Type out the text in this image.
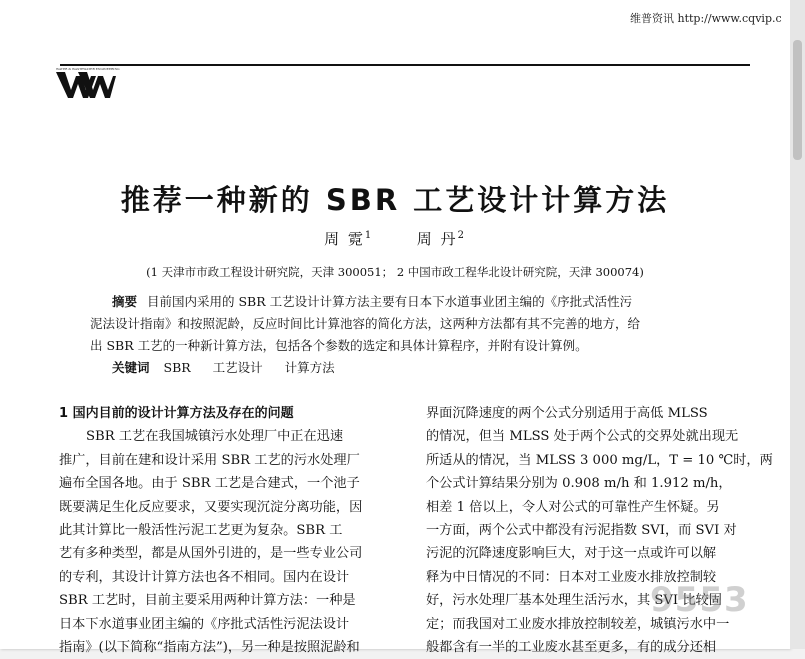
维普资讯 http://www.cqvip.c
WATER & WASTEWATER ENGINEERING
推荐一种新的 SBR 工艺设计计算方法
周 霓$^1$	周 丹$^2$
(1 天津市市政工程设计研究院，天津 300051； 2 中国市政工程华北设计研究院，天津 300074)
摘要 目前国内采用的 SBR 工艺设计计算方法主要有日本下水道事业团主编的《序批式活性污
泥法设计指南》和按照泥龄，反应时间比计算池容的简化方法，这两种方法都有其不完善的地方，给
出 SBR 工艺的一种新计算方法，包括各个参数的选定和具体计算程序，并附有设计算例。
关键词 SBR 工艺设计 计算方法
1 国内目前的设计计算方法及存在的问题
SBR 工艺在我国城镇污水处理厂中正在迅速
推广，目前在建和设计采用 SBR 工艺的污水处理厂
遍布全国各地。由于 SBR 工艺是合建式，一个池子
既要满足生化反应要求，又要实现沉淀分离功能，因
此其计算比一般活性污泥工艺更为复杂。SBR 工
艺有多种类型，都是从国外引进的，是一些专业公司
的专利，其设计计算方法也各不相同。国内在设计
SBR 工艺时，目前主要采用两种计算方法：一种是
日本下水道事业团主编的《序批式活性污泥法设计
指南》(以下简称“指南方法”)，另一种是按照泥龄和
界面沉降速度的两个公式分别适用于高低 MLSS
的情况，但当 MLSS 处于两个公式的交界处就出现无
所适从的情况，当 MLSS 3 000 mg/L，T = 10 ℃时，两
个公式计算结果分别为 0.908 m/h 和 1.912 m/h，
相差 1 倍以上，令人对公式的可靠性产生怀疑。另
一方面，两个公式中都没有污泥指数 SVI，而 SVI 对
污泥的沉降速度影响巨大，对于这一点或许可以解
释为中日情况的不同：日本对工业废水排放控制较
好，污水处理厂基本处理生活污水，其 SVI 比较固
定；而我国对工业废水排放控制较差，城镇污水中一
般都含有一半的工业废水甚至更多，有的成分还相
9553
